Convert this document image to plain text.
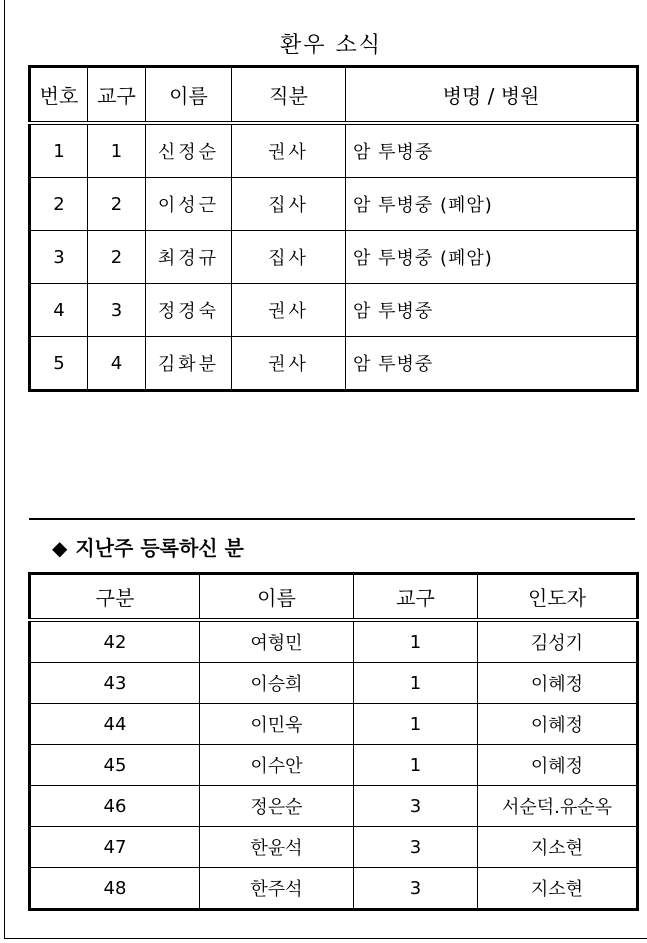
환우 소식
번호	교구	이름	직분	병명 / 병원
1	1	신정순	권사	암 투병중
2	2	이성근	집사	암 투병중 (폐암)
3	2	최경규	집사	암 투병중 (폐암)
4	3	정경숙	권사	암 투병중
5	4	김화분	권사	암 투병중
◆ 지난주 등록하신 분
구분	이름	교구	인도자
42	여형민	1	김성기
43	이승희	1	이혜정
44	이민욱	1	이혜정
45	이수안	1	이혜정
46	정은순	3	서순덕.유순옥
47	한윤석	3	지소현
48	한주석	3	지소현
